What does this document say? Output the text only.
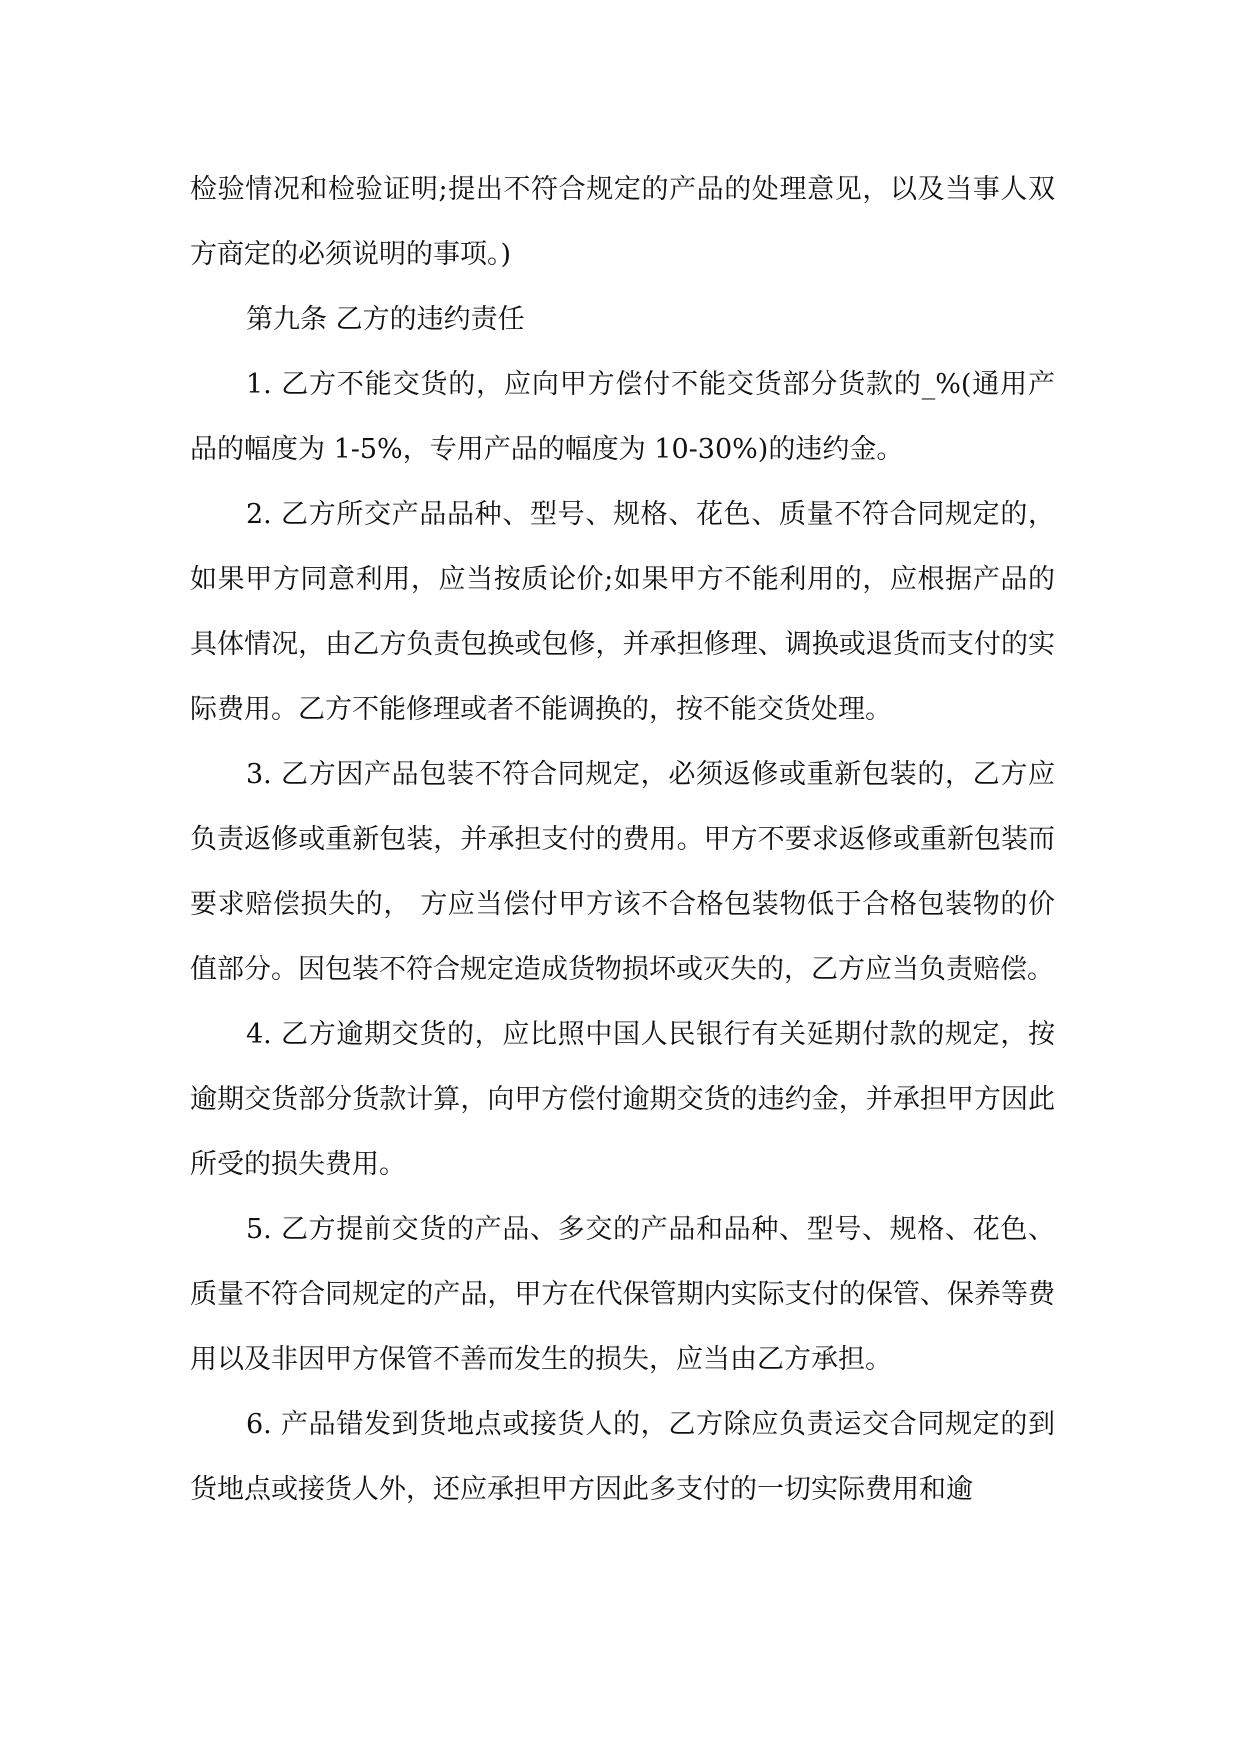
检验情况和检验证明;提出不符合规定的产品的处理意见，以及当事人双方商定的必须说明的事项。)

第九条 乙方的违约责任

1. 乙方不能交货的，应向甲方偿付不能交货部分货款的_%(通用产品的幅度为 1-5%，专用产品的幅度为 10-30%)的违约金。

2. 乙方所交产品品种、型号、规格、花色、质量不符合同规定的，如果甲方同意利用，应当按质论价;如果甲方不能利用的，应根据产品的具体情况，由乙方负责包换或包修，并承担修理、调换或退货而支付的实际费用。乙方不能修理或者不能调换的，按不能交货处理。

3. 乙方因产品包装不符合同规定，必须返修或重新包装的，乙方应负责返修或重新包装，并承担支付的费用。甲方不要求返修或重新包装而要求赔偿损失的， 方应当偿付甲方该不合格包装物低于合格包装物的价值部分。因包装不符合规定造成货物损坏或灭失的，乙方应当负责赔偿。

4. 乙方逾期交货的，应比照中国人民银行有关延期付款的规定，按逾期交货部分货款计算，向甲方偿付逾期交货的违约金，并承担甲方因此所受的损失费用。

5. 乙方提前交货的产品、多交的产品和品种、型号、规格、花色、质量不符合同规定的产品，甲方在代保管期内实际支付的保管、保养等费用以及非因甲方保管不善而发生的损失，应当由乙方承担。

6. 产品错发到货地点或接货人的，乙方除应负责运交合同规定的到货地点或接货人外，还应承担甲方因此多支付的一切实际费用和逾
